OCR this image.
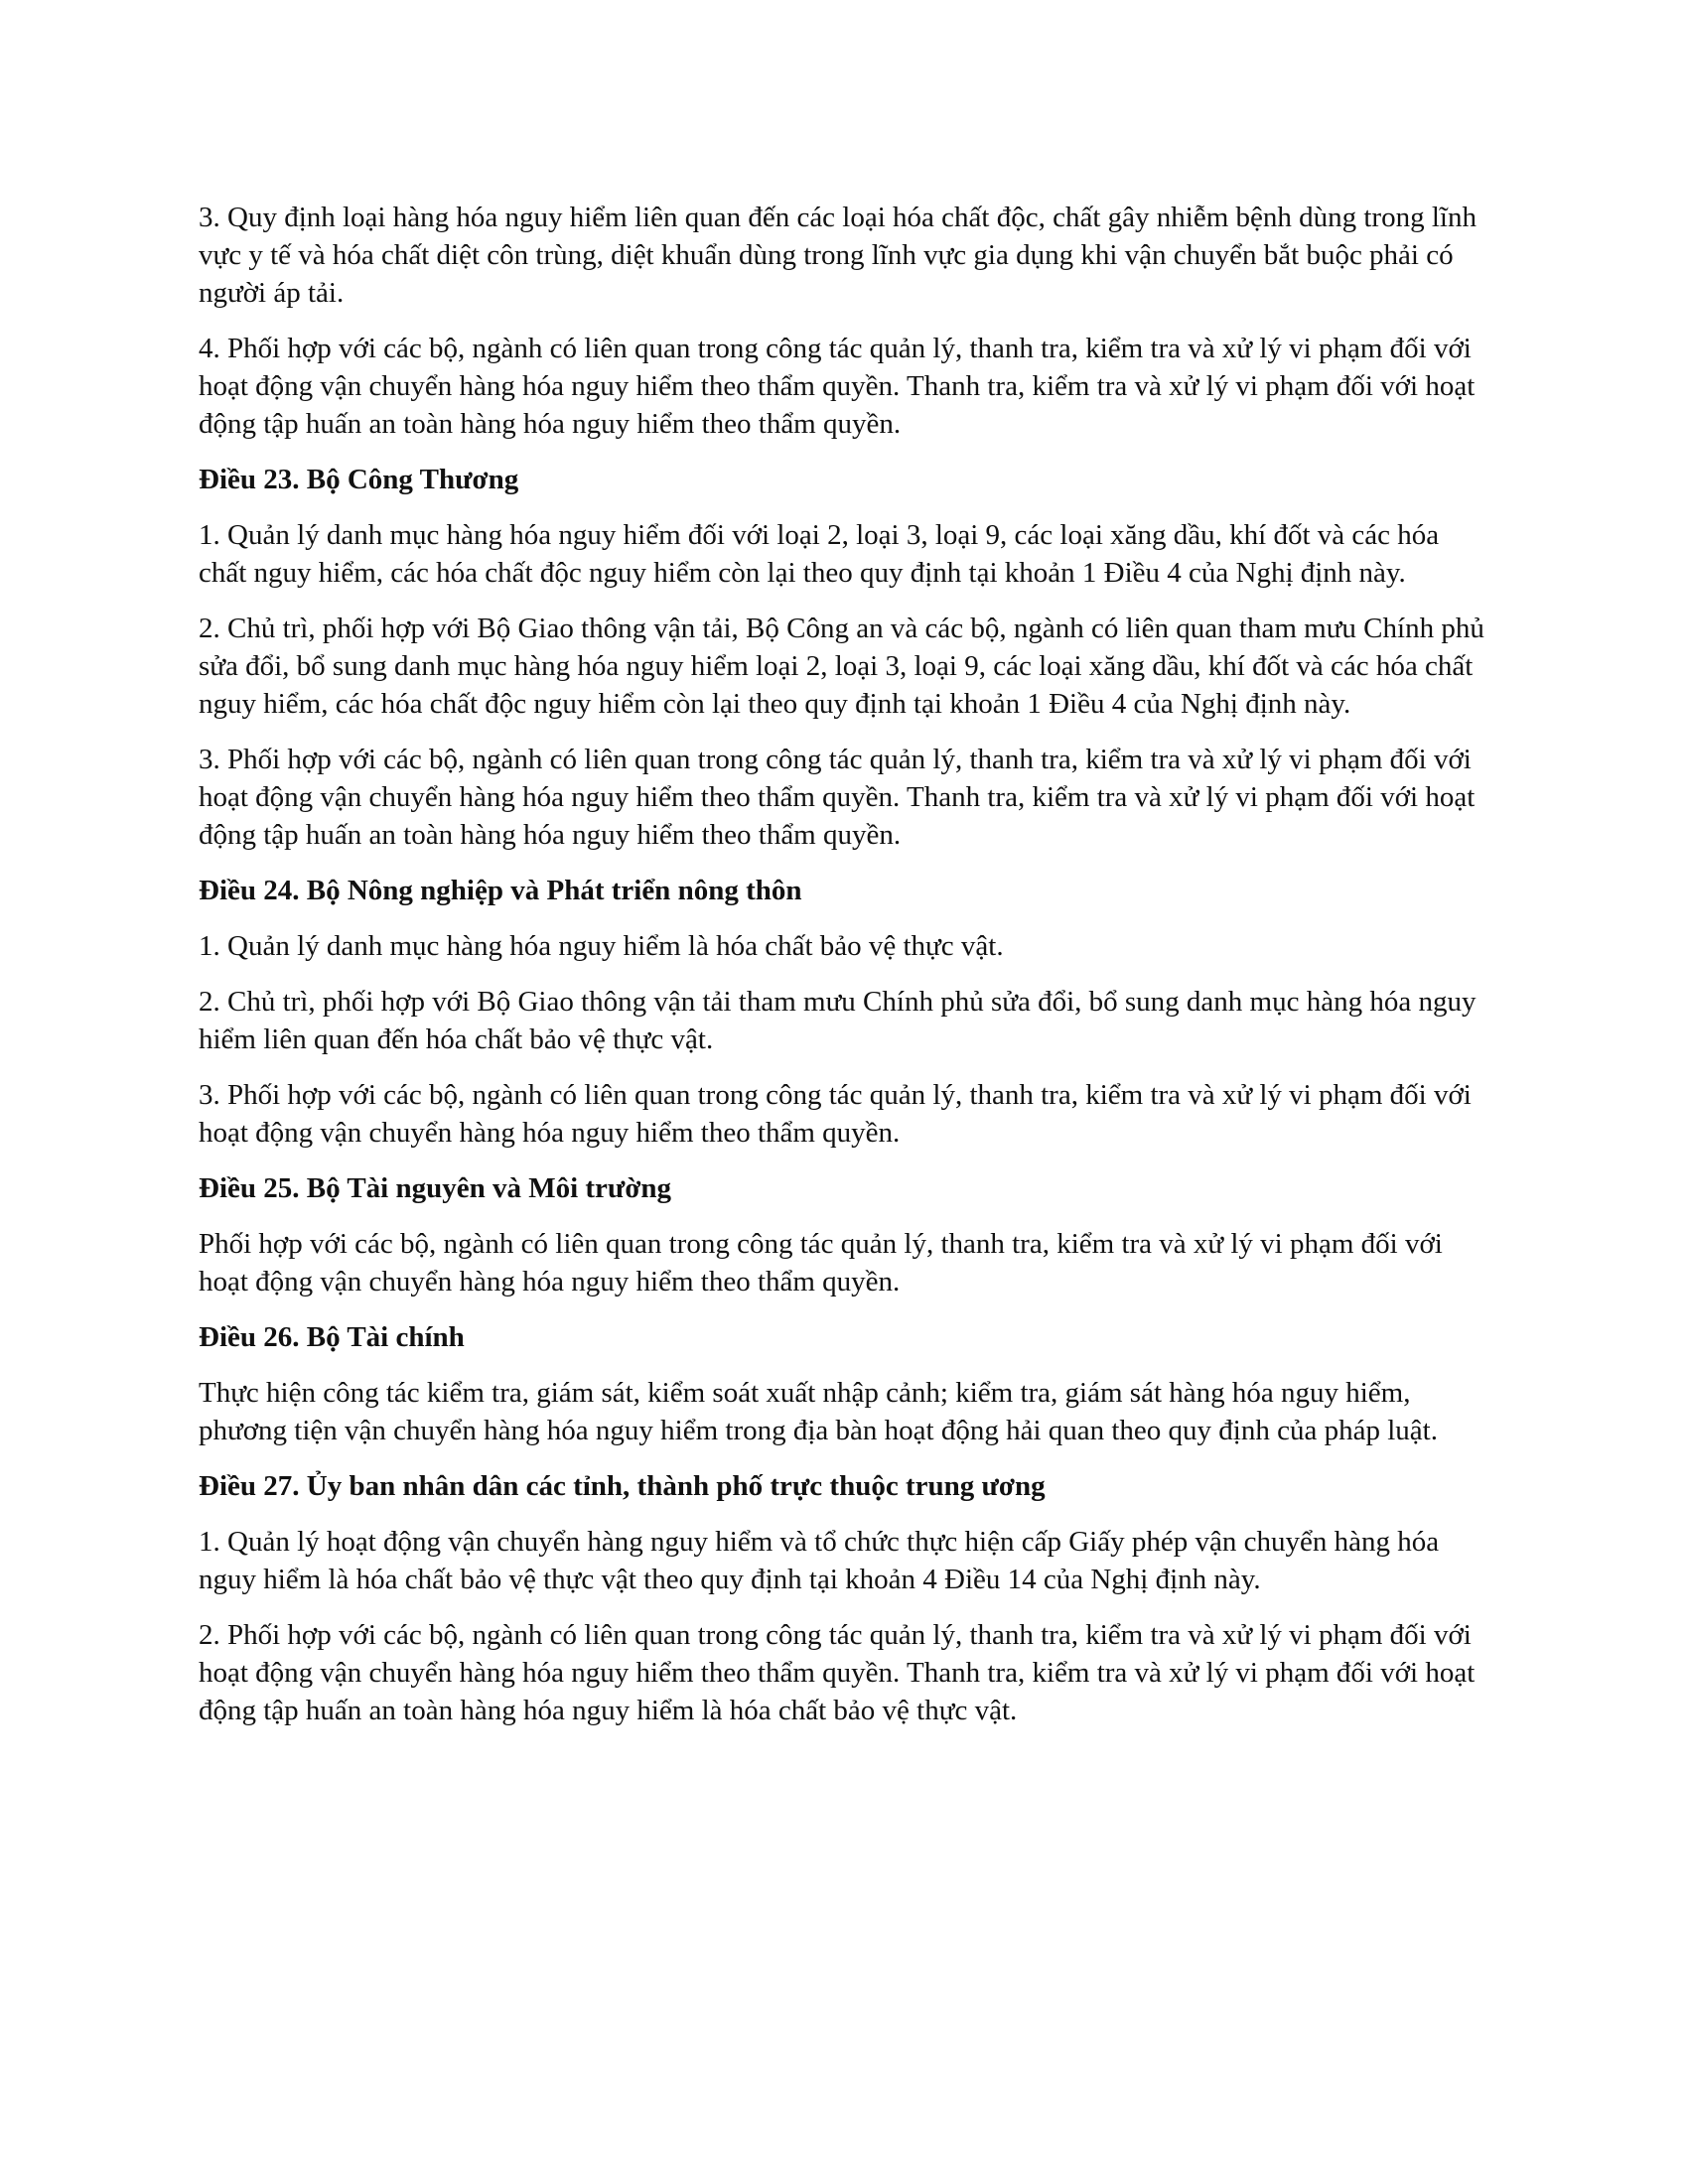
3. Quy định loại hàng hóa nguy hiểm liên quan đến các loại hóa chất độc, chất gây nhiễm bệnh dùng trong lĩnh vực y tế và hóa chất diệt côn trùng, diệt khuẩn dùng trong lĩnh vực gia dụng khi vận chuyển bắt buộc phải có người áp tải.

4. Phối hợp với các bộ, ngành có liên quan trong công tác quản lý, thanh tra, kiểm tra và xử lý vi phạm đối với hoạt động vận chuyển hàng hóa nguy hiểm theo thẩm quyền. Thanh tra, kiểm tra và xử lý vi phạm đối với hoạt động tập huấn an toàn hàng hóa nguy hiểm theo thẩm quyền.

Điều 23. Bộ Công Thương

1. Quản lý danh mục hàng hóa nguy hiểm đối với loại 2, loại 3, loại 9, các loại xăng dầu, khí đốt và các hóa chất nguy hiểm, các hóa chất độc nguy hiểm còn lại theo quy định tại khoản 1 Điều 4 của Nghị định này.

2. Chủ trì, phối hợp với Bộ Giao thông vận tải, Bộ Công an và các bộ, ngành có liên quan tham mưu Chính phủ sửa đổi, bổ sung danh mục hàng hóa nguy hiểm loại 2, loại 3, loại 9, các loại xăng dầu, khí đốt và các hóa chất nguy hiểm, các hóa chất độc nguy hiểm còn lại theo quy định tại khoản 1 Điều 4 của Nghị định này.

3. Phối hợp với các bộ, ngành có liên quan trong công tác quản lý, thanh tra, kiểm tra và xử lý vi phạm đối với hoạt động vận chuyển hàng hóa nguy hiểm theo thẩm quyền. Thanh tra, kiểm tra và xử lý vi phạm đối với hoạt động tập huấn an toàn hàng hóa nguy hiểm theo thẩm quyền.

Điều 24. Bộ Nông nghiệp và Phát triển nông thôn

1. Quản lý danh mục hàng hóa nguy hiểm là hóa chất bảo vệ thực vật.

2. Chủ trì, phối hợp với Bộ Giao thông vận tải tham mưu Chính phủ sửa đổi, bổ sung danh mục hàng hóa nguy hiểm liên quan đến hóa chất bảo vệ thực vật.

3. Phối hợp với các bộ, ngành có liên quan trong công tác quản lý, thanh tra, kiểm tra và xử lý vi phạm đối với hoạt động vận chuyển hàng hóa nguy hiểm theo thẩm quyền.

Điều 25. Bộ Tài nguyên và Môi trường

Phối hợp với các bộ, ngành có liên quan trong công tác quản lý, thanh tra, kiểm tra và xử lý vi phạm đối với hoạt động vận chuyển hàng hóa nguy hiểm theo thẩm quyền.

Điều 26. Bộ Tài chính

Thực hiện công tác kiểm tra, giám sát, kiểm soát xuất nhập cảnh; kiểm tra, giám sát hàng hóa nguy hiểm, phương tiện vận chuyển hàng hóa nguy hiểm trong địa bàn hoạt động hải quan theo quy định của pháp luật.

Điều 27. Ủy ban nhân dân các tỉnh, thành phố trực thuộc trung ương

1. Quản lý hoạt động vận chuyển hàng nguy hiểm và tổ chức thực hiện cấp Giấy phép vận chuyển hàng hóa nguy hiểm là hóa chất bảo vệ thực vật theo quy định tại khoản 4 Điều 14 của Nghị định này.

2. Phối hợp với các bộ, ngành có liên quan trong công tác quản lý, thanh tra, kiểm tra và xử lý vi phạm đối với hoạt động vận chuyển hàng hóa nguy hiểm theo thẩm quyền. Thanh tra, kiểm tra và xử lý vi phạm đối với hoạt động tập huấn an toàn hàng hóa nguy hiểm là hóa chất bảo vệ thực vật.
